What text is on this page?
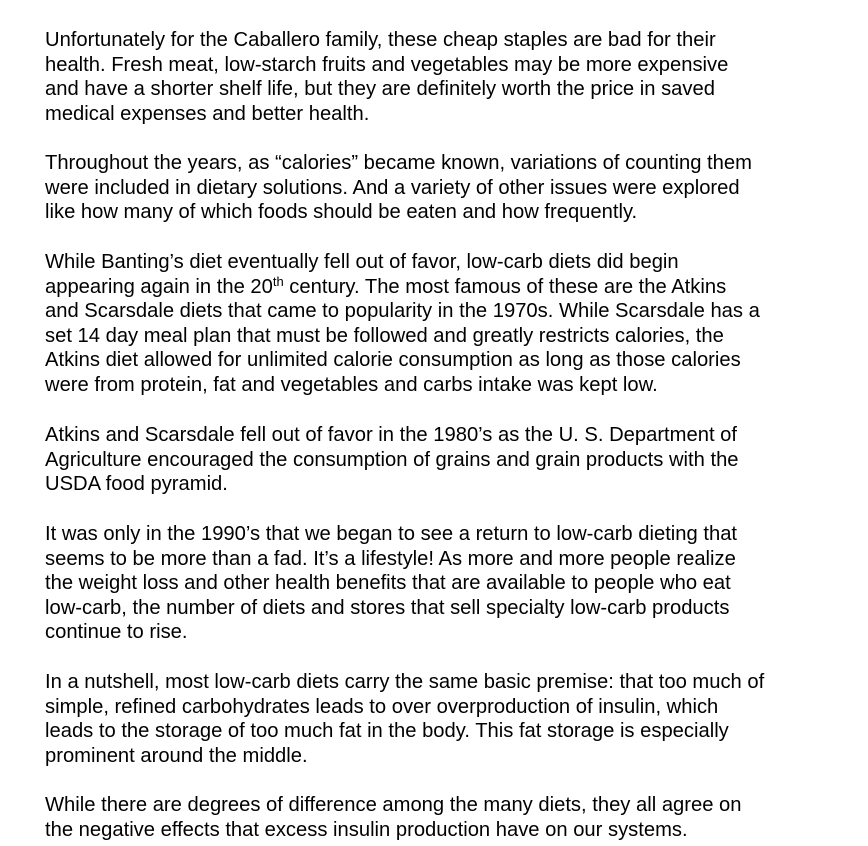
Unfortunately for the Caballero family, these cheap staples are bad for their
health. Fresh meat, low-starch fruits and vegetables may be more expensive
and have a shorter shelf life, but they are definitely worth the price in saved
medical expenses and better health.

Throughout the years, as “calories” became known, variations of counting them
were included in dietary solutions. And a variety of other issues were explored
like how many of which foods should be eaten and how frequently.

While Banting’s diet eventually fell out of favor, low-carb diets did begin
appearing again in the 20th century. The most famous of these are the Atkins
and Scarsdale diets that came to popularity in the 1970s. While Scarsdale has a
set 14 day meal plan that must be followed and greatly restricts calories, the
Atkins diet allowed for unlimited calorie consumption as long as those calories
were from protein, fat and vegetables and carbs intake was kept low.

Atkins and Scarsdale fell out of favor in the 1980’s as the U. S. Department of
Agriculture encouraged the consumption of grains and grain products with the
USDA food pyramid.

It was only in the 1990’s that we began to see a return to low-carb dieting that
seems to be more than a fad. It’s a lifestyle! As more and more people realize
the weight loss and other health benefits that are available to people who eat
low-carb, the number of diets and stores that sell specialty low-carb products
continue to rise.

In a nutshell, most low-carb diets carry the same basic premise: that too much of
simple, refined carbohydrates leads to over overproduction of insulin, which
leads to the storage of too much fat in the body. This fat storage is especially
prominent around the middle.

While there are degrees of difference among the many diets, they all agree on
the negative effects that excess insulin production have on our systems.
